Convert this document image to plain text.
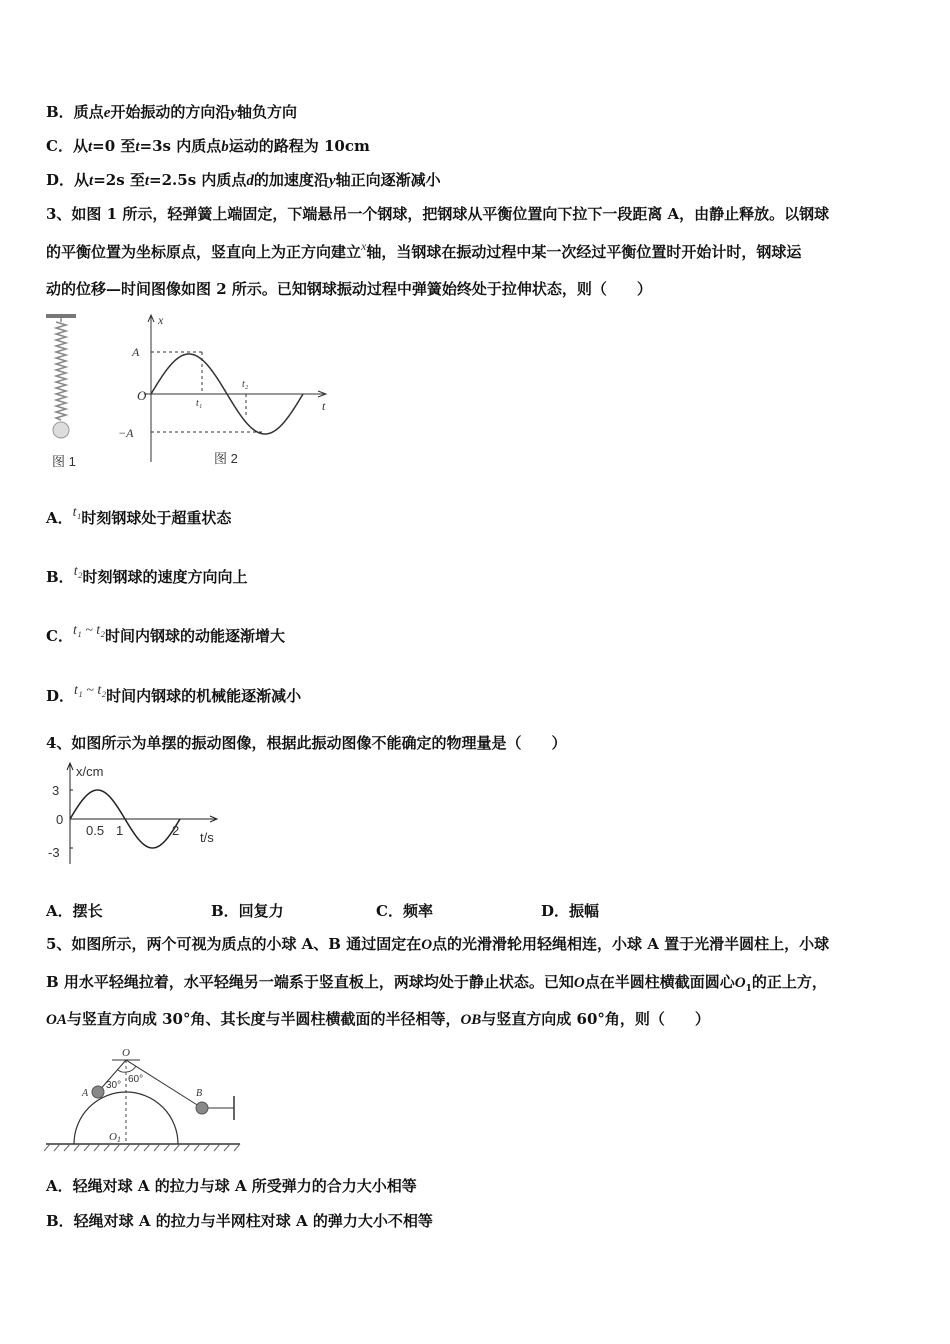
B．质点e开始振动的方向沿y轴负方向
C．从t=0 至t=3s 内质点b运动的路程为 10cm
D．从t=2s 至t=2.5s 内质点d的加速度沿y轴正向逐渐减小
3、如图 1 所示，轻弹簧上端固定，下端悬吊一个钢球，把钢球从平衡位置向下拉下一段距离 A，由静止释放。以钢球
的平衡位置为坐标原点，竖直向上为正方向建立$^x$轴，当钢球在振动过程中某一次经过平衡位置时开始计时，钢球运
动的位移—时间图像如图 2 所示。已知钢球振动过程中弹簧始终处于拉伸状态，则（　　）
图 1
x
t
A
−A
O
t₁
t₂
图 2
A．t₁时刻钢球处于超重状态
B．t₂时刻钢球的速度方向向上
C．t₁ ~ t₂时间内钢球的动能逐渐增大
D．t₁ ~ t₂时间内钢球的机械能逐渐减小
4、如图所示为单摆的振动图像，根据此振动图像不能确定的物理量是（　　）
x/cm
3
-3
0
0.5 1	2 t/s
A．摆长	B．回复力	C．频率	D．振幅
5、如图所示，两个可视为质点的小球 A、B 通过固定在O点的光滑滑轮用轻绳相连，小球 A 置于光滑半圆柱上，小球
B 用水平轻绳拉着，水平轻绳另一端系于竖直板上，两球均处于静止状态。已知O点在半圆柱横截面圆心$O_1$的正上方，
OA与竖直方向成 30°角、其长度与半圆柱横截面的半径相等，OB与竖直方向成 60°角，则（　　）
O
A	B
30°
60°
O 1
A．轻绳对球 A 的拉力与球 A 所受弹力的合力大小相等
B．轻绳对球 A 的拉力与半网柱对球 A 的弹力大小不相等
